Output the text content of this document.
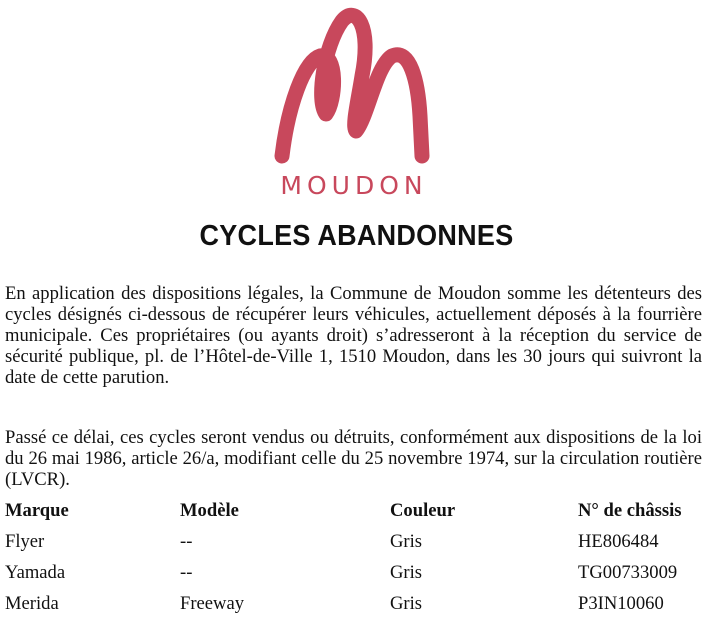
MOUDON
CYCLES ABANDONNES

En application des dispositions légales, la Commune de Moudon somme les détenteurs des cycles désignés ci-dessous de récupérer leurs véhicules, actuellement déposés à la fourrière municipale. Ces propriétaires (ou ayants droit) s’adresseront à la réception du service de sécurité publique, pl. de l’Hôtel-de-Ville 1, 1510 Moudon, dans les 30 jours qui suivront la date de cette parution.

Passé ce délai, ces cycles seront vendus ou détruits, conformément aux dispositions de la loi du 26 mai 1986, article 26/a, modifiant celle du 25 novembre 1974, sur la circulation routière (LVCR).

Marque	Modèle	Couleur	N° de châssis
Flyer	--	Gris	HE806484
Yamada	--	Gris	TG00733009
Merida	Freeway	Gris	P3IN10060
